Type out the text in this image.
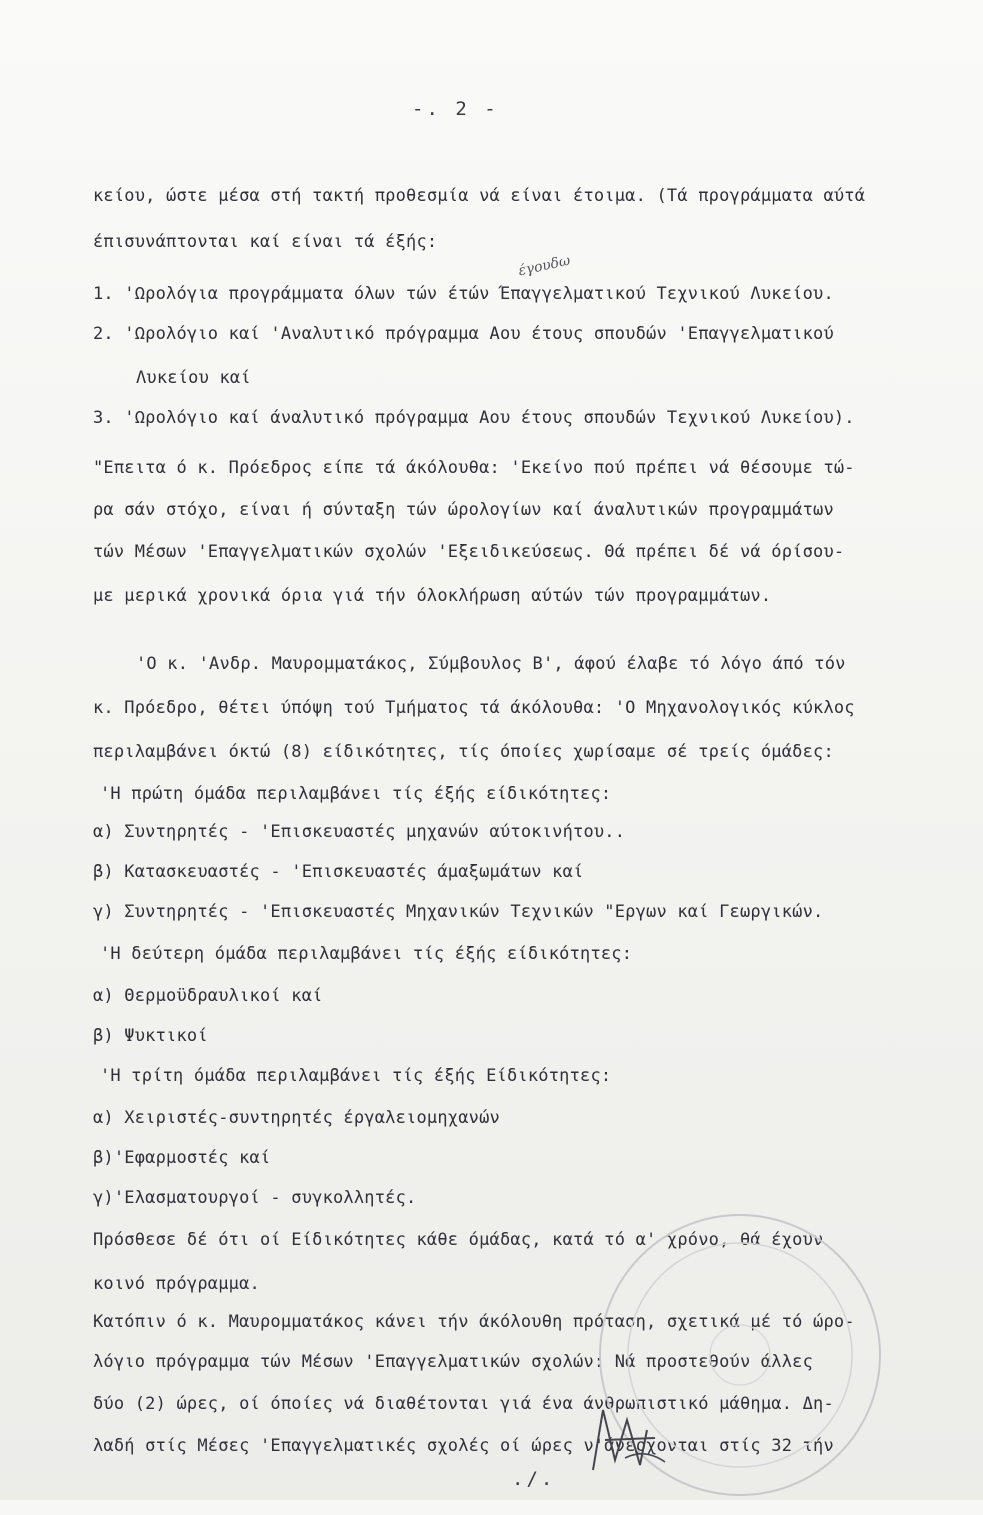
-. 2 -
έγουδω
κείου, ώστε μέσα στή τακτή προθεσμία νά είναι έτοιμα. (Τά προγράμματα αύτά
έπισυνάπτονται καί είναι τά έξής:
1. 'Ωρολόγια προγράμματα όλων τών έτών Έπαγγελματικού Τεχνικού Λυκείου.
2. 'Ωρολόγιο καί 'Αναλυτικό πρόγραμμα Αου έτους σπουδών 'Επαγγελματικού
Λυκείου καί
3. 'Ωρολόγιο καί άναλυτικό πρόγραμμα Αου έτους σπουδών Τεχνικού Λυκείου).
"Επειτα ό κ. Πρόεδρος είπε τά άκόλουθα: 'Εκείνο πού πρέπει νά θέσουμε τώ-
ρα σάν στόχο, είναι ή σύνταξη τών ώρολογίων καί άναλυτικών προγραμμάτων
τών Μέσων 'Επαγγελματικών σχολών 'Εξειδικεύσεως. Θά πρέπει δέ νά όρίσου-
με μερικά χρονικά όρια γιά τήν όλοκλήρωση αύτών τών προγραμμάτων.
'Ο κ. 'Ανδρ. Μαυρομματάκος, Σύμβουλος Β', άφού έλαβε τό λόγο άπό τόν
κ. Πρόεδρο, θέτει ύπόψη τού Τμήματος τά άκόλουθα: 'Ο Μηχανολογικός κύκλος
περιλαμβάνει όκτώ (8) είδικότητες, τίς όποίες χωρίσαμε σέ τρείς όμάδες:
'Η πρώτη όμάδα περιλαμβάνει τίς έξής είδικότητες:
α) Συντηρητές - 'Επισκευαστές μηχανών αύτοκινήτου..
β) Κατασκευαστές - 'Επισκευαστές άμαξωμάτων καί
γ) Συντηρητές - 'Επισκευαστές Μηχανικών Τεχνικών "Εργων καί Γεωργικών.
'Η δεύτερη όμάδα περιλαμβάνει τίς έξής είδικότητες:
α) Θερμοϋδραυλικοί καί
β) Ψυκτικοί
'Η τρίτη όμάδα περιλαμβάνει τίς έξής Είδικότητες:
α) Χειριστές-συντηρητές έργαλειομηχανών
β)'Εφαρμοστές καί
γ)'Ελασματουργοί - συγκολλητές.
Πρόσθεσε δέ ότι οί Είδικότητες κάθε όμάδας, κατά τό α' χρόνο, θά έχουν
κοινό πρόγραμμα.
Κατόπιν ό κ. Μαυρομματάκος κάνει τήν άκόλουθη πρόταση, σχετικά μέ τό ώρο-
λόγιο πρόγραμμα τών Μέσων 'Επαγγελματικών σχολών: Νά προστεθούν άλλες
δύο (2) ώρες, οί όποίες νά διαθέτονται γιά ένα άνθρωπιστικό μάθημα. Δη-
λαδή στίς Μέσες 'Επαγγελματικές σχολές οί ώρες ν'άνέρχονται στίς 32 τήν
./.
